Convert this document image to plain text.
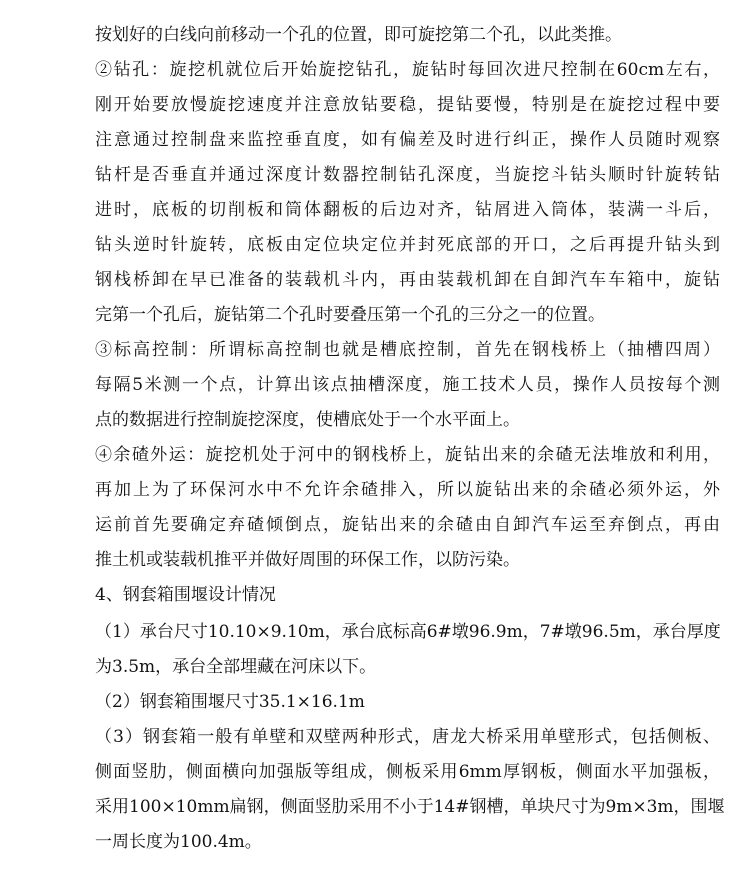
按划好的白线向前移动一个孔的位置，即可旋挖第二个孔，以此类推。
②钻孔：旋挖机就位后开始旋挖钻孔，旋钻时每回次进尺控制在60cm左右，
刚开始要放慢旋挖速度并注意放钻要稳，提钻要慢，特别是在旋挖过程中要
注意通过控制盘来监控垂直度，如有偏差及时进行纠正，操作人员随时观察
钻杆是否垂直并通过深度计数器控制钻孔深度，当旋挖斗钻头顺时针旋转钻
进时，底板的切削板和筒体翻板的后边对齐，钻屑进入筒体，装满一斗后，
钻头逆时针旋转，底板由定位块定位并封死底部的开口，之后再提升钻头到
钢栈桥卸在早已准备的装载机斗内，再由装载机卸在自卸汽车车箱中，旋钻
完第一个孔后，旋钻第二个孔时要叠压第一个孔的三分之一的位置。
③标高控制：所谓标高控制也就是槽底控制，首先在钢栈桥上（抽槽四周）
每隔5米测一个点，计算出该点抽槽深度，施工技术人员，操作人员按每个测
点的数据进行控制旋挖深度，使槽底处于一个水平面上。
④余碴外运：旋挖机处于河中的钢栈桥上，旋钻出来的余碴无法堆放和利用，
再加上为了环保河水中不允许余碴排入，所以旋钻出来的余碴必须外运，外
运前首先要确定弃碴倾倒点，旋钻出来的余碴由自卸汽车运至弃倒点，再由
推土机或装载机推平并做好周围的环保工作，以防污染。
4、钢套箱围堰设计情况
（1）承台尺寸10.10×9.10m，承台底标高6#墩96.9m，7#墩96.5m，承台厚度
为3.5m，承台全部埋藏在河床以下。
（2）钢套箱围堰尺寸35.1×16.1m
（3）钢套箱一般有单壁和双壁两种形式，唐龙大桥采用单壁形式，包括侧板、
侧面竖肋，侧面横向加强版等组成，侧板采用6mm厚钢板，侧面水平加强板，
采用100×10mm扁钢，侧面竖肋采用不小于14#钢槽，单块尺寸为9m×3m，围堰
一周长度为100.4m。
